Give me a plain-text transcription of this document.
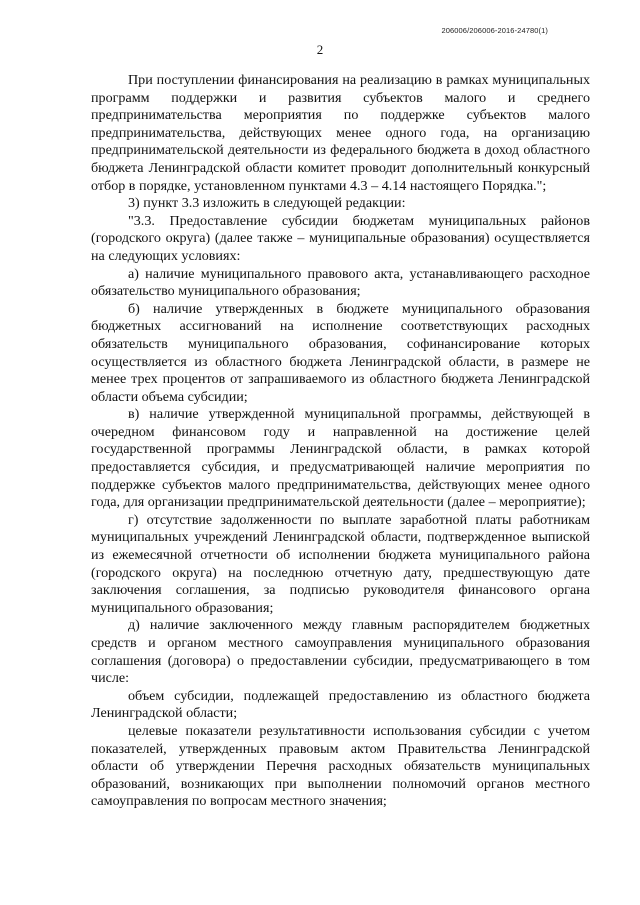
206006/206006-2016-24780(1)
2

При поступлении финансирования на реализацию в рамках муниципальных программ поддержки и развития субъектов малого и среднего предпринимательства мероприятия по поддержке субъектов малого предпринимательства, действующих менее одного года, на организацию предпринимательской деятельности из федерального бюджета в доход областного бюджета Ленинградской области комитет проводит дополнительный конкурсный отбор в порядке, установленном пунктами 4.3 – 4.14 настоящего Порядка.";

3) пункт 3.3 изложить в следующей редакции:

"3.3. Предоставление субсидии бюджетам муниципальных районов (городского округа) (далее также – муниципальные образования) осуществляется на следующих условиях:

а) наличие муниципального правового акта, устанавливающего расходное обязательство муниципального образования;

б) наличие утвержденных в бюджете муниципального образования бюджетных ассигнований на исполнение соответствующих расходных обязательств муниципального образования, софинансирование которых осуществляется из областного бюджета Ленинградской области, в размере не менее трех процентов от запрашиваемого из областного бюджета Ленинградской области объема субсидии;

в) наличие утвержденной муниципальной программы, действующей в очередном финансовом году и направленной на достижение целей государственной программы Ленинградской области, в рамках которой предоставляется субсидия, и предусматривающей наличие мероприятия по поддержке субъектов малого предпринимательства, действующих менее одного года, для организации предпринимательской деятельности (далее – мероприятие);

г) отсутствие задолженности по выплате заработной платы работникам муниципальных учреждений Ленинградской области, подтвержденное выпиской из ежемесячной отчетности об исполнении бюджета муниципального района (городского округа) на последнюю отчетную дату, предшествующую дате заключения соглашения, за подписью руководителя финансового органа муниципального образования;

д) наличие заключенного между главным распорядителем бюджетных средств и органом местного самоуправления муниципального образования соглашения (договора) о предоставлении субсидии, предусматривающего в том числе:

объем субсидии, подлежащей предоставлению из областного бюджета Ленинградской области;

целевые показатели результативности использования субсидии с учетом показателей, утвержденных правовым актом Правительства Ленинградской области об утверждении Перечня расходных обязательств муниципальных образований, возникающих при выполнении полномочий органов местного самоуправления по вопросам местного значения;
